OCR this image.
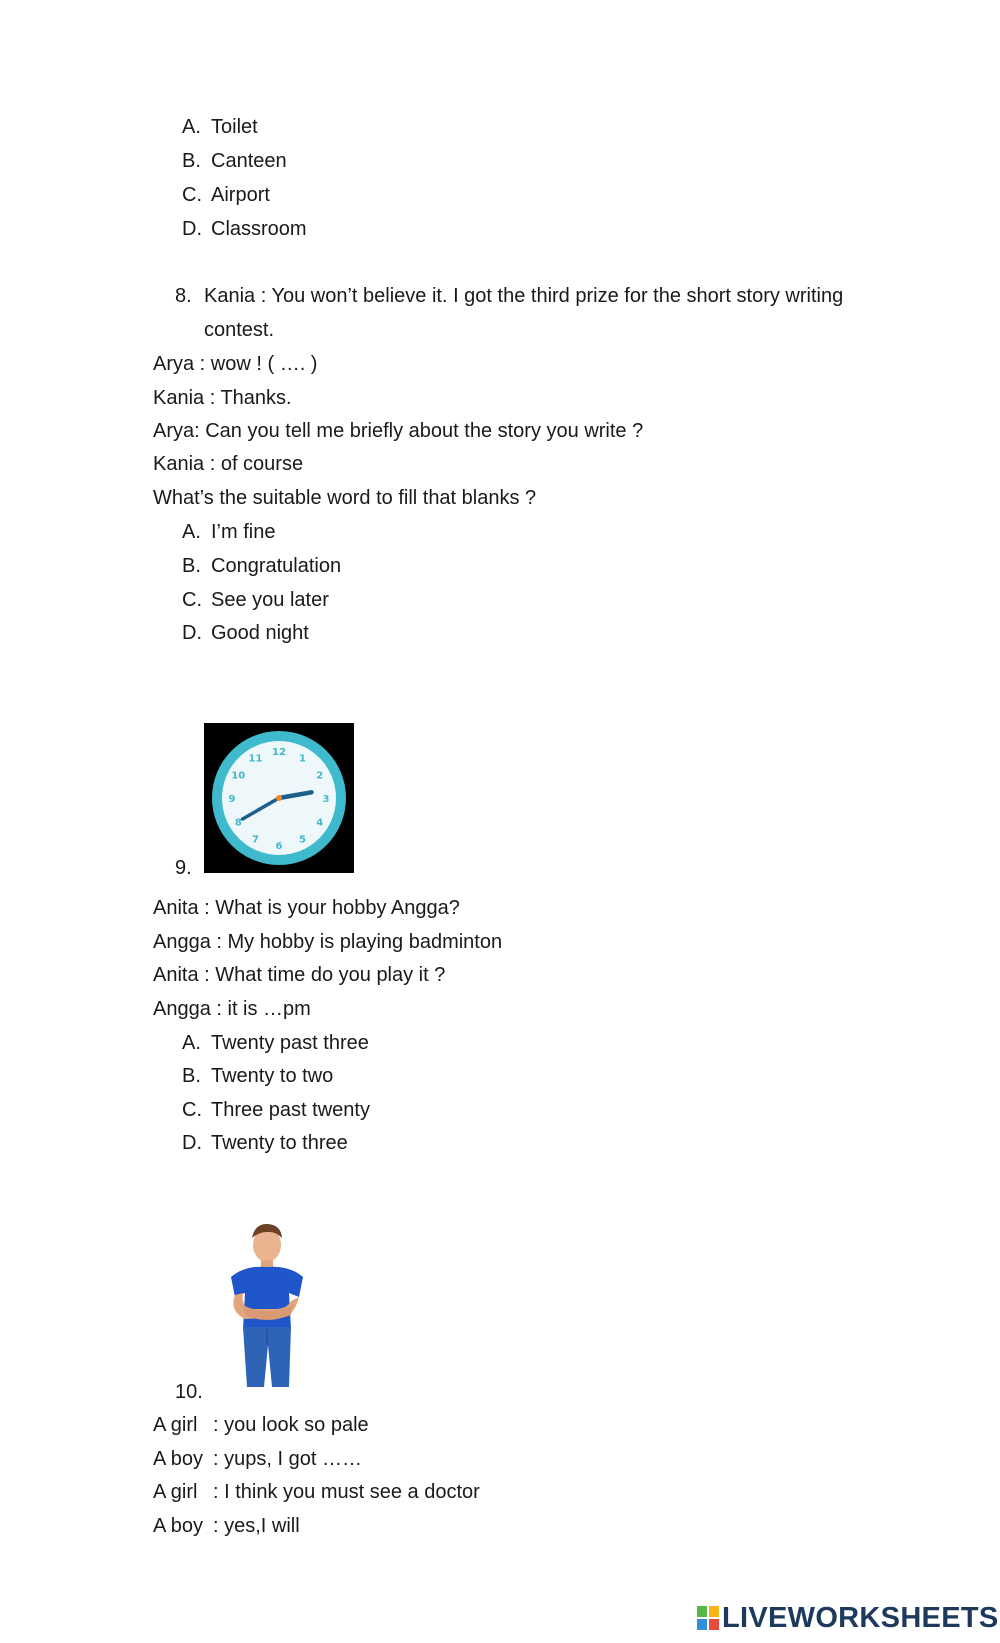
A. Toilet
B. Canteen
C. Airport
D. Classroom
8. Kania : You won’t believe it. I got the third prize for the short story writing
contest.
Arya : wow ! ( …. )
Kania : Thanks.
Arya: Can you tell me briefly about the story you write ?
Kania : of course
What’s the suitable word to fill that blanks ?
A. I’m fine
B. Congratulation
C. See you later
D. Good night
12
1
2
3
4
5
6
7
8
9
10
11
9.
Anita : What is your hobby Angga?
Angga : My hobby is playing badminton
Anita : What time do you play it ?
Angga : it is …pm
A. Twenty past three
B. Twenty to two
C. Three past twenty
D. Twenty to three
10.
A girl : you look so pale
A boy : yups, I got ……
A girl : I think you must see a doctor
A boy : yes,I will
LIVEWORKSHEETS
